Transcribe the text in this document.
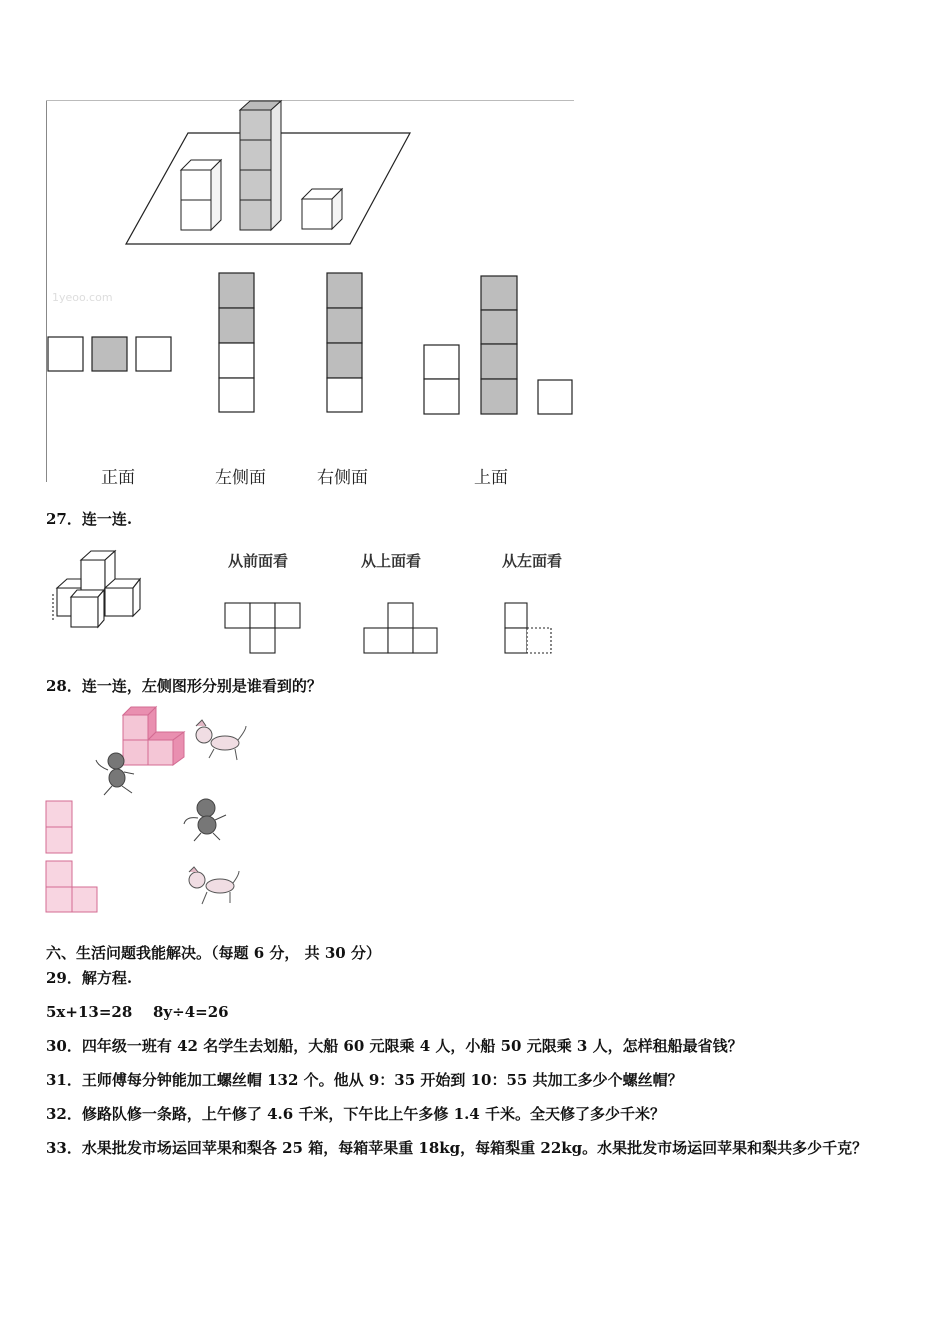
1yeoo.com
正面	左侧面	右侧面	上面
27．连一连.
从前面看	从上面看	从左面看
28．连一连，左侧图形分别是谁看到的？
六、生活问题我能解决。（每题 6 分， 共 30 分）
29．解方程.
5x+13=28 8y÷4=26
30．四年级一班有 42 名学生去划船，大船 60 元限乘 4 人，小船 50 元限乘 3 人，怎样租船最省钱？
31．王师傅每分钟能加工螺丝帽 132 个。他从 9：35 开始到 10：55 共加工多少个螺丝帽？
32．修路队修一条路，上午修了 4.6 千米，下午比上午多修 1.4 千米。全天修了多少千米？
33．水果批发市场运回苹果和梨各 25 箱，每箱苹果重 18kg，每箱梨重 22kg。水果批发市场运回苹果和梨共多少千克？
